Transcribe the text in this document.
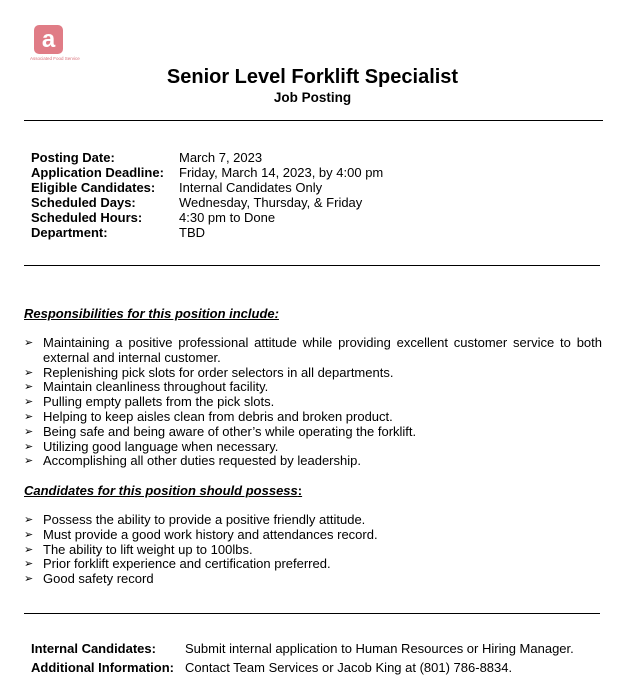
a
Associated Food Service
Senior Level Forklift Specialist
Job Posting
Posting Date:	March 7, 2023
Application Deadline:	Friday, March 14, 2023, by 4:00 pm
Eligible Candidates:	Internal Candidates Only
Scheduled Days:	Wednesday, Thursday, & Friday
Scheduled Hours:	4:30 pm to Done
Department:	TBD
Responsibilities for this position include:
➢ Maintaining a positive professional attitude while providing excellent customer service to both external and internal customer.
➢ Replenishing pick slots for order selectors in all departments.
➢ Maintain cleanliness throughout facility.
➢ Pulling empty pallets from the pick slots.
➢ Helping to keep aisles clean from debris and broken product.
➢ Being safe and being aware of other’s while operating the forklift.
➢ Utilizing good language when necessary.
➢ Accomplishing all other duties requested by leadership.
Candidates for this position should possess:
➢ Possess the ability to provide a positive friendly attitude.
➢ Must provide a good work history and attendances record.
➢ The ability to lift weight up to 100lbs.
➢ Prior forklift experience and certification preferred.
➢ Good safety record
Internal Candidates:	Submit internal application to Human Resources or Hiring Manager.
Additional Information: Contact Team Services or Jacob King at (801) 786-8834.
